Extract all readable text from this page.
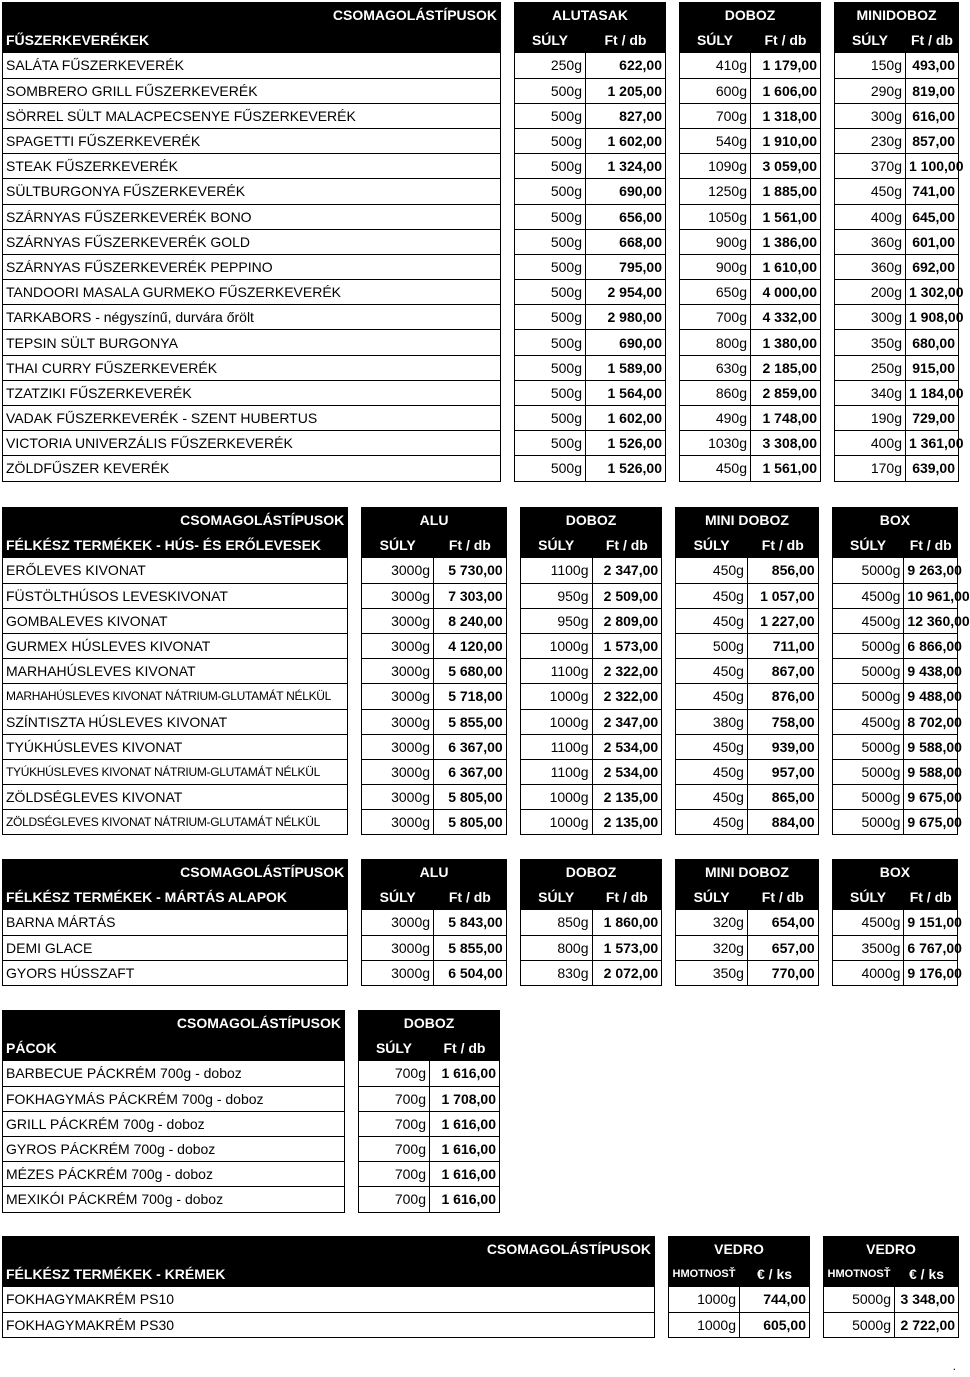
CSOMAGOLÁSTÍPUSOK		ALUTASAK			DOBOZ			MINIDOBOZ	
FŰSZERKEVERÉKEK		SÚLY	Ft / db		SÚLY	Ft / db		SÚLY	Ft / db
SALÁTA FŰSZERKEVERÉK		250g	622,00		410g	1 179,00		150g	493,00
SOMBRERO GRILL FŰSZERKEVERÉK		500g	1 205,00		600g	1 606,00		290g	819,00
SÖRREL SÜLT MALACPECSENYE FŰSZERKEVERÉK		500g	827,00		700g	1 318,00		300g	616,00
SPAGETTI FŰSZERKEVERÉK		500g	1 602,00		540g	1 910,00		230g	857,00
STEAK FŰSZERKEVERÉK		500g	1 324,00		1090g	3 059,00		370g	1 100,00
SÜLTBURGONYA FŰSZERKEVERÉK		500g	690,00		1250g	1 885,00		450g	741,00
SZÁRNYAS FŰSZERKEVERÉK BONO		500g	656,00		1050g	1 561,00		400g	645,00
SZÁRNYAS FŰSZERKEVERÉK GOLD		500g	668,00		900g	1 386,00		360g	601,00
SZÁRNYAS FŰSZERKEVERÉK PEPPINO		500g	795,00		900g	1 610,00		360g	692,00
TANDOORI MASALA GURMEKO FŰSZERKEVERÉK		500g	2 954,00		650g	4 000,00		200g	1 302,00
TARKABORS - négyszínű, durvára őrölt		500g	2 980,00		700g	4 332,00		300g	1 908,00
TEPSIN SÜLT BURGONYA		500g	690,00		800g	1 380,00		350g	680,00
THAI CURRY FŰSZERKEVERÉK		500g	1 589,00		630g	2 185,00		250g	915,00
TZATZIKI FŰSZERKEVERÉK		500g	1 564,00		860g	2 859,00		340g	1 184,00
VADAK FŰSZERKEVERÉK - SZENT HUBERTUS		500g	1 602,00		490g	1 748,00		190g	729,00
VICTORIA UNIVERZÁLIS FŰSZERKEVERÉK		500g	1 526,00		1030g	3 308,00		400g	1 361,00
ZÖLDFŰSZER KEVERÉK		500g	1 526,00		450g	1 561,00		170g	639,00
CSOMAGOLÁSTÍPUSOK		ALU			DOBOZ			MINI DOBOZ			BOX	
FÉLKÉSZ TERMÉKEK - HÚS- ÉS ERŐLEVESEK		SÚLY	Ft / db		SÚLY	Ft / db		SÚLY	Ft / db		SÚLY	Ft / db
ERŐLEVES KIVONAT		3000g	5 730,00		1100g	2 347,00		450g	856,00		5000g	9 263,00
FÜSTÖLTHÚSOS LEVESKIVONAT		3000g	7 303,00		950g	2 509,00		450g	1 057,00		4500g	10 961,00
GOMBALEVES KIVONAT		3000g	8 240,00		950g	2 809,00		450g	1 227,00		4500g	12 360,00
GURMEX HÚSLEVES KIVONAT		3000g	4 120,00		1000g	1 573,00		500g	711,00		5000g	6 866,00
MARHAHÚSLEVES KIVONAT		3000g	5 680,00		1100g	2 322,00		450g	867,00		5000g	9 438,00
MARHAHÚSLEVES KIVONAT NÁTRIUM-GLUTAMÁT NÉLKÜL		3000g	5 718,00		1000g	2 322,00		450g	876,00		5000g	9 488,00
SZÍNTISZTA HÚSLEVES KIVONAT		3000g	5 855,00		1000g	2 347,00		380g	758,00		4500g	8 702,00
TYÚKHÚSLEVES KIVONAT		3000g	6 367,00		1100g	2 534,00		450g	939,00		5000g	9 588,00
TYÚKHÚSLEVES KIVONAT NÁTRIUM-GLUTAMÁT NÉLKÜL		3000g	6 367,00		1100g	2 534,00		450g	957,00		5000g	9 588,00
ZÖLDSÉGLEVES KIVONAT		3000g	5 805,00		1000g	2 135,00		450g	865,00		5000g	9 675,00
ZÖLDSÉGLEVES KIVONAT NÁTRIUM-GLUTAMÁT NÉLKÜL		3000g	5 805,00		1000g	2 135,00		450g	884,00		5000g	9 675,00
CSOMAGOLÁSTÍPUSOK		ALU			DOBOZ			MINI DOBOZ			BOX	
FÉLKÉSZ TERMÉKEK - MÁRTÁS ALAPOK		SÚLY	Ft / db		SÚLY	Ft / db		SÚLY	Ft / db		SÚLY	Ft / db
BARNA MÁRTÁS		3000g	5 843,00		850g	1 860,00		320g	654,00		4500g	9 151,00
DEMI GLACE		3000g	5 855,00		800g	1 573,00		320g	657,00		3500g	6 767,00
GYORS HÚSSZAFT		3000g	6 504,00		830g	2 072,00		350g	770,00		4000g	9 176,00
CSOMAGOLÁSTÍPUSOK		DOBOZ	
PÁCOK		SÚLY	Ft / db
BARBECUE PÁCKRÉM 700g - doboz		700g	1 616,00
FOKHAGYMÁS PÁCKRÉM 700g - doboz		700g	1 708,00
GRILL PÁCKRÉM 700g - doboz		700g	1 616,00
GYROS PÁCKRÉM 700g - doboz		700g	1 616,00
MÉZES PÁCKRÉM 700g - doboz		700g	1 616,00
MEXIKÓI PÁCKRÉM 700g - doboz		700g	1 616,00
CSOMAGOLÁSTÍPUSOK		VEDRO			VEDRO	
FÉLKÉSZ TERMÉKEK - KRÉMEK		HMOTNOSŤ	€ / ks		HMOTNOSŤ	€ / ks
FOKHAGYMAKRÉM PS10		1000g	744,00		5000g	3 348,00
FOKHAGYMAKRÉM PS30		1000g	605,00		5000g	2 722,00
.
